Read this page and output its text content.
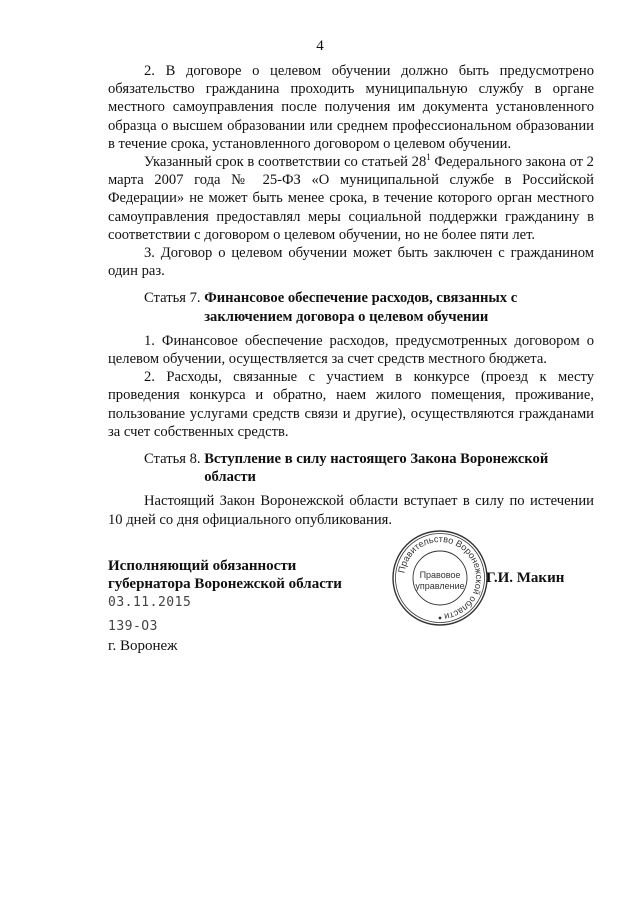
4

2. В договоре о целевом обучении должно быть предусмотрено обязательство гражданина проходить муниципальную службу в органе местного самоуправления после получения им документа установленного образца о высшем образовании или среднем профессиональном образовании в течение срока, установленного договором о целевом обучении.

Указанный срок в соответствии со статьей $28^1$ Федерального закона от 2 марта 2007 года № 25-ФЗ «О муниципальной службе в Российской Федерации» не может быть менее срока, в течение которого орган местного самоуправления предоставлял меры социальной поддержки гражданину в соответствии с договором о целевом обучении, но не более пяти лет.

3. Договор о целевом обучении может быть заключен с гражданином один раз.

Статья 7. Финансовое обеспечение расходов, связанных с
заключением договора о целевом обучении

1. Финансовое обеспечение расходов, предусмотренных договором о целевом обучении, осуществляется за счет средств местного бюджета.

2. Расходы, связанные с участием в конкурсе (проезд к месту проведения конкурса и обратно, наем жилого помещения, проживание, пользование услугами средств связи и другие), осуществляются гражданами за счет собственных средств.

Статья 8. Вступление в силу настоящего Закона Воронежской
области

Настоящий Закон Воронежской области вступает в силу по истечении 10 дней со дня официального опубликования.

Правительство Воронежской области
Правовое
управление
Исполняющий обязанности
губернатора Воронежской области	Г.И. Макин
03.11.2015
139-ОЗ
г. Воронеж
